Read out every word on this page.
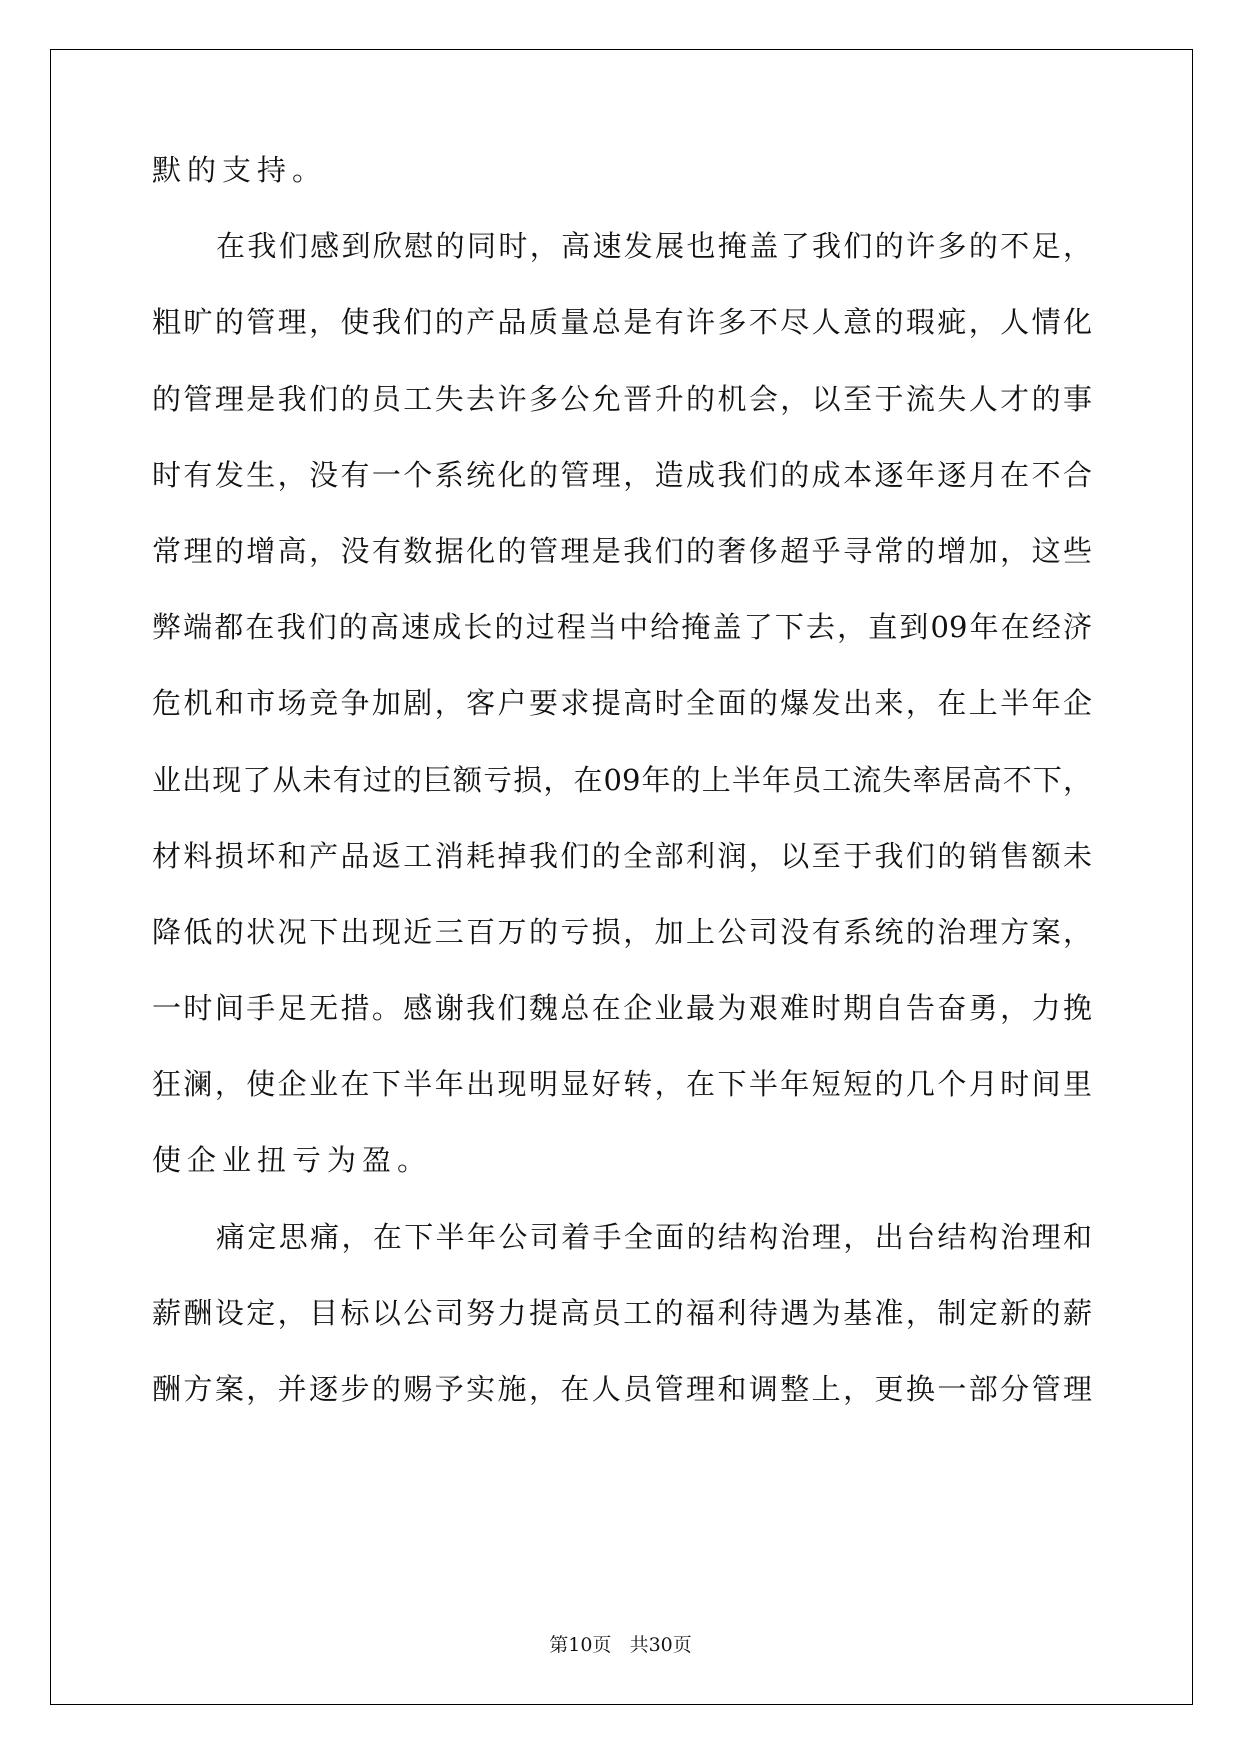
默的支持。
在我们感到欣慰的同时，高速发展也掩盖了我们的许多的不足，
粗旷的管理，使我们的产品质量总是有许多不尽人意的瑕疵，人情化
的管理是我们的员工失去许多公允晋升的机会，以至于流失人才的事
时有发生，没有一个系统化的管理，造成我们的成本逐年逐月在不合
常理的增高，没有数据化的管理是我们的奢侈超乎寻常的增加，这些
弊端都在我们的高速成长的过程当中给掩盖了下去，直到09年在经济
危机和市场竞争加剧，客户要求提高时全面的爆发出来，在上半年企
业出现了从未有过的巨额亏损，在09年的上半年员工流失率居高不下，
材料损坏和产品返工消耗掉我们的全部利润，以至于我们的销售额未
降低的状况下出现近三百万的亏损，加上公司没有系统的治理方案，
一时间手足无措。感谢我们魏总在企业最为艰难时期自告奋勇，力挽
狂澜，使企业在下半年出现明显好转，在下半年短短的几个月时间里
使企业扭亏为盈。
痛定思痛，在下半年公司着手全面的结构治理，出台结构治理和
薪酬设定，目标以公司努力提高员工的福利待遇为基准，制定新的薪
酬方案，并逐步的赐予实施，在人员管理和调整上，更换一部分管理
第10页 共30页
